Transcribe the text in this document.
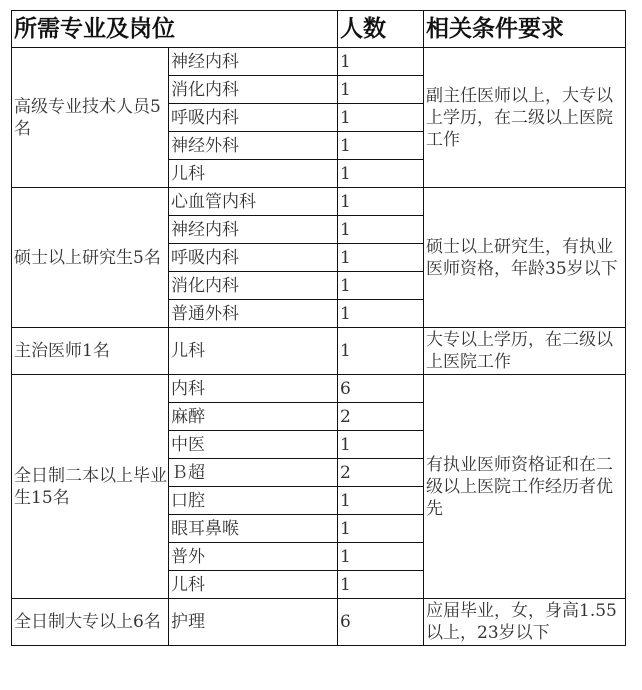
所需专业及岗位		人数	相关条件要求
高级专业技术人员5名	神经内科	1	副主任医师以上，大专以上学历，在二级以上医院工作
	消化内科	1	
	呼吸内科	1	
	神经外科	1	
	儿科	1	
硕士以上研究生5名	心血管内科	1	硕士以上研究生，有执业医师资格，年龄35岁以下
	神经内科	1	
	呼吸内科	1	
	消化内科	1	
	普通外科	1	
主治医师1名	儿科	1	大专以上学历，在二级以上医院工作
全日制二本以上毕业生15名	内科	6	有执业医师资格证和在二级以上医院工作经历者优先
	麻醉	2	
	中医	1	
	Ｂ超	2	
	口腔	1	
	眼耳鼻喉	1	
	普外	1	
	儿科	1	
全日制大专以上6名	护理	6	应届毕业，女，身高1.55以上，23岁以下
